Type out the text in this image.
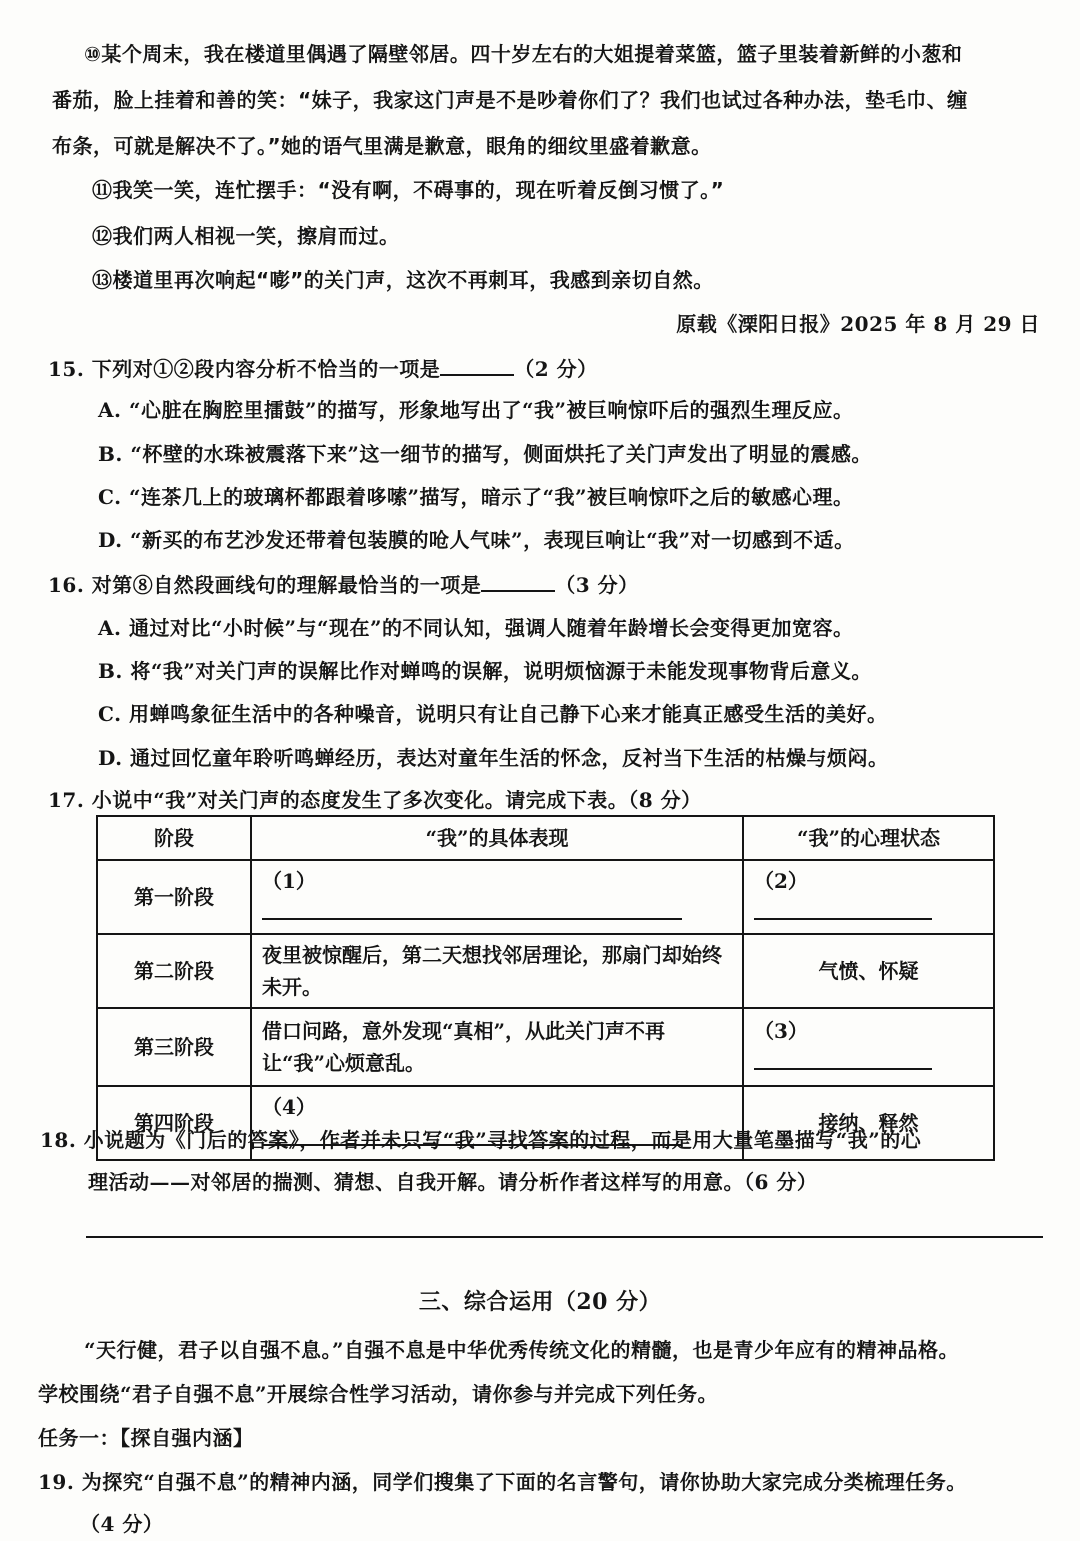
⑩某个周末，我在楼道里偶遇了隔壁邻居。四十岁左右的大姐提着菜篮，篮子里装着新鲜的小葱和
番茄，脸上挂着和善的笑：“妹子，我家这门声是不是吵着你们了？我们也试过各种办法，垫毛巾、缠
布条，可就是解决不了。”她的语气里满是歉意，眼角的细纹里盛着歉意。
⑪我笑一笑，连忙摆手：“没有啊，不碍事的，现在听着反倒习惯了。”
⑫我们两人相视一笑，擦肩而过。
⑬楼道里再次响起“嘭”的关门声，这次不再刺耳，我感到亲切自然。
原载《溧阳日报》2025 年 8 月 29 日
15. 下列对①②段内容分析不恰当的一项是	（2 分）
A. “心脏在胸腔里擂鼓”的描写，形象地写出了“我”被巨响惊吓后的强烈生理反应。
B. “杯壁的水珠被震落下来”这一细节的描写，侧面烘托了关门声发出了明显的震感。
C. “连茶几上的玻璃杯都跟着哆嗦”描写，暗示了“我”被巨响惊吓之后的敏感心理。
D. “新买的布艺沙发还带着包装膜的呛人气味”，表现巨响让“我”对一切感到不适。
16. 对第⑧自然段画线句的理解最恰当的一项是	（3 分）
A. 通过对比“小时候”与“现在”的不同认知，强调人随着年龄增长会变得更加宽容。
B. 将“我”对关门声的误解比作对蝉鸣的误解，说明烦恼源于未能发现事物背后意义。
C. 用蝉鸣象征生活中的各种噪音，说明只有让自己静下心来才能真正感受生活的美好。
D. 通过回忆童年聆听鸣蝉经历，表达对童年生活的怀念，反衬当下生活的枯燥与烦闷。
17. 小说中“我”对关门声的态度发生了多次变化。请完成下表。（8 分）
阶段	“我”的具体表现	“我”的心理状态
第一阶段	（1）	（2）
第二阶段	夜里被惊醒后，第二天想找邻居理论，那扇门却始终未开。	气愤、怀疑
第三阶段	借口问路，意外发现“真相”，从此关门声不再让“我”心烦意乱。	（3）
第四阶段	（4）	接纳、释然
18. 小说题为《门后的答案》，作者并未只写“我”寻找答案的过程，而是用大量笔墨描写“我”的心
理活动——对邻居的揣测、猜想、自我开解。请分析作者这样写的用意。（6 分）
三、综合运用（20 分）
“天行健，君子以自强不息。”自强不息是中华优秀传统文化的精髓，也是青少年应有的精神品格。
学校围绕“君子自强不息”开展综合性学习活动，请你参与并完成下列任务。
任务一：【探自强内涵】
19. 为探究“自强不息”的精神内涵，同学们搜集了下面的名言警句，请你协助大家完成分类梳理任务。
（4 分）
